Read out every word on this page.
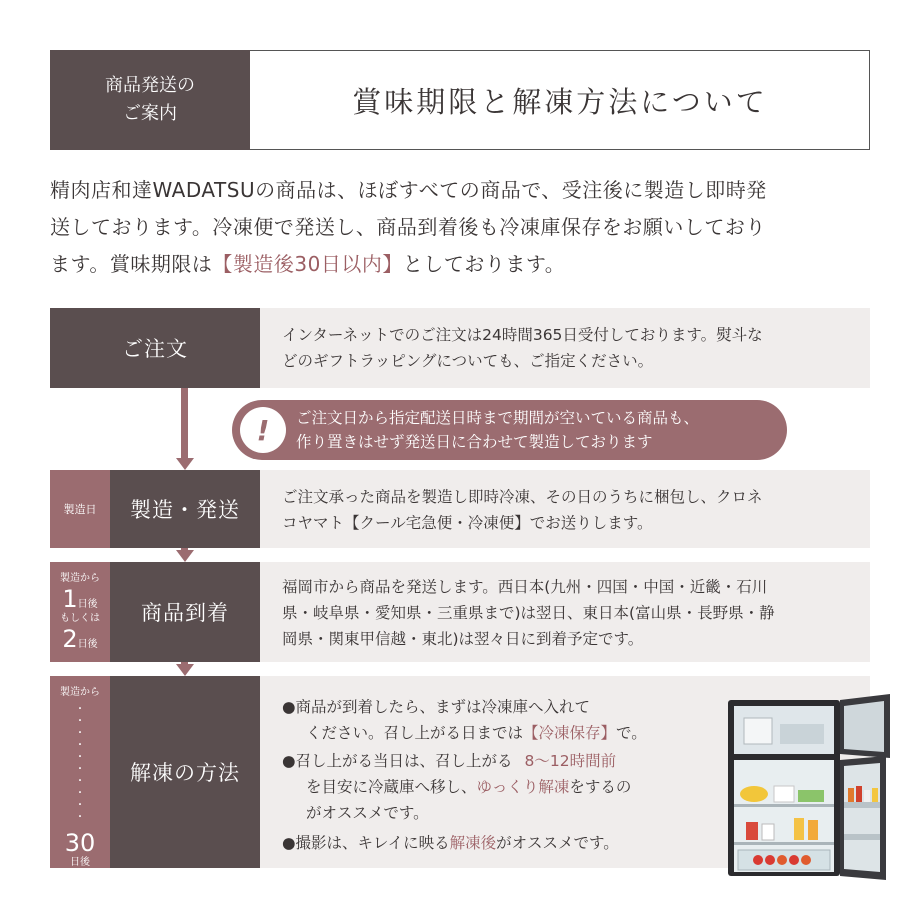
商品発送の
ご案内	賞味期限と解凍方法について
精肉店和達WADATSUの商品は、ほぼすべての商品で、受注後に製造し即時発
送しております。冷凍便で発送し、商品到着後も冷凍庫保存をお願いしており
ます。賞味期限は【製造後30日以内】としております。
ご注文
インターネットでのご注文は24時間365日受付しております。熨斗な
どのギフトラッピングについても、ご指定ください。
ご注文日から指定配送日時まで期間が空いている商品も、
作り置きはせず発送日に合わせて製造しております
!
製造日	製造・発送
ご注文承った商品を製造し即時冷凍、その日のうちに梱包し、クロネ
コヤマト【クール宅急便・冷凍便】でお送りします。
製造から
1日後
もしくは
2日後
商品到着
福岡市から商品を発送します。西日本(九州・四国・中国・近畿・石川
県・岐阜県・愛知県・三重県まで)は翌日、東日本(富山県・長野県・静
岡県・関東甲信越・東北)は翌々日に到着予定です。
製造から
・
・
・
・
・
・
・
・
・
・
30
日後
解凍の方法
●商品が到着したら、まずは冷凍庫へ入れて
ください。召し上がる日までは【冷凍保存】で。
●召し上がる当日は、召し上がる 8〜12時間前
を目安に冷蔵庫へ移し、ゆっくり解凍をするの
がオススメです。
●撮影は、キレイに映る解凍後がオススメです。
